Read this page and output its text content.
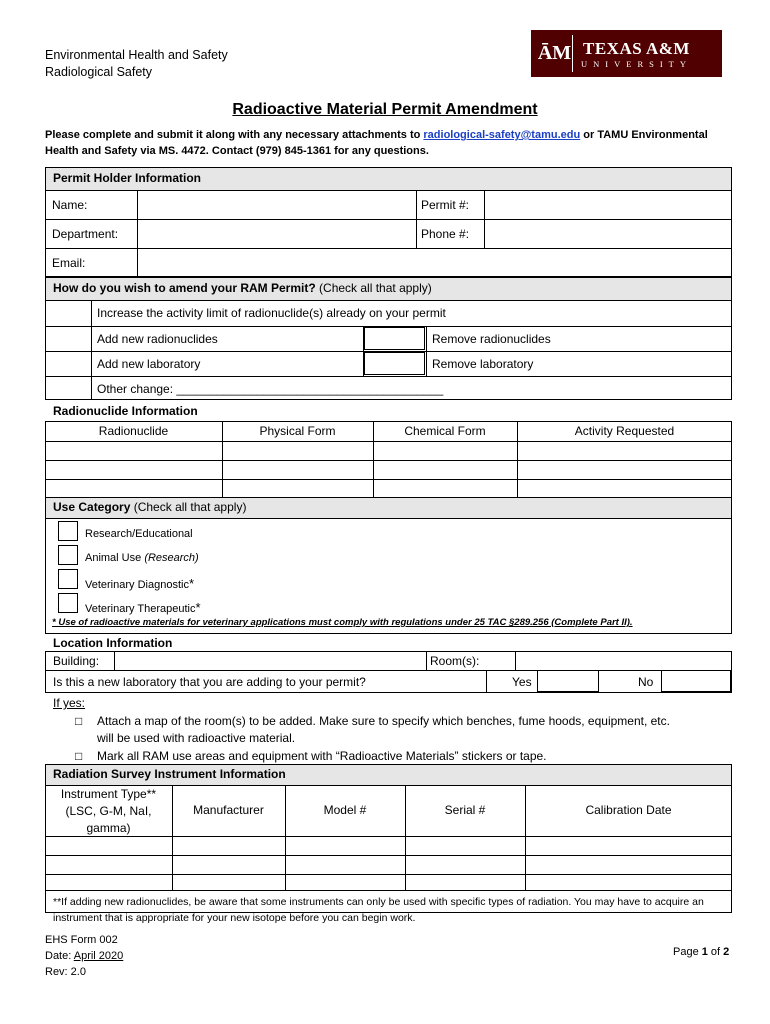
Environmental Health and Safety
Radiological Safety
ĀM TEXAS A&M
UNIVERSITY
Radioactive Material Permit Amendment
Please complete and submit it along with any necessary attachments to radiological-safety@tamu.edu or TAMU Environmental Health and Safety via MS. 4472. Contact (979) 845-1361 for any questions.
Permit Holder Information
Name:	Permit #:
Department:	Phone #:
Email:
How do you wish to amend your RAM Permit? (Check all that apply)
Increase the activity limit of radionuclide(s) already on your permit
Add new radionuclides	Remove radionuclides
Add new laboratory	Remove laboratory
Other change: ________________________________________
Radionuclide Information
Radionuclide	Physical Form	Chemical Form	Activity Requested
Use Category (Check all that apply)
Research/Educational
Animal Use (Research)
Veterinary Diagnostic*
Veterinary Therapeutic*
* Use of radioactive materials for veterinary applications must comply with regulations under 25 TAC §289.256 (Complete Part II).
Location Information
Building:	Room(s):
Is this a new laboratory that you are adding to your permit?	Yes	No
If yes:
□ Attach a map of the room(s) to be added. Make sure to specify which benches, fume hoods, equipment, etc.
will be used with radioactive material.
□ Mark all RAM use areas and equipment with “Radioactive Materials” stickers or tape.
Radiation Survey Instrument Information
Instrument Type**
(LSC, G-M, NaI,
gamma)
Manufacturer	Model #	Serial #	Calibration Date
**If adding new radionuclides, be aware that some instruments can only be used with specific types of radiation. You may have to acquire an instrument that is appropriate for your new isotope before you can begin work.
EHS Form 002
Date: April 2020
Rev: 2.0
Page 1 of 2
